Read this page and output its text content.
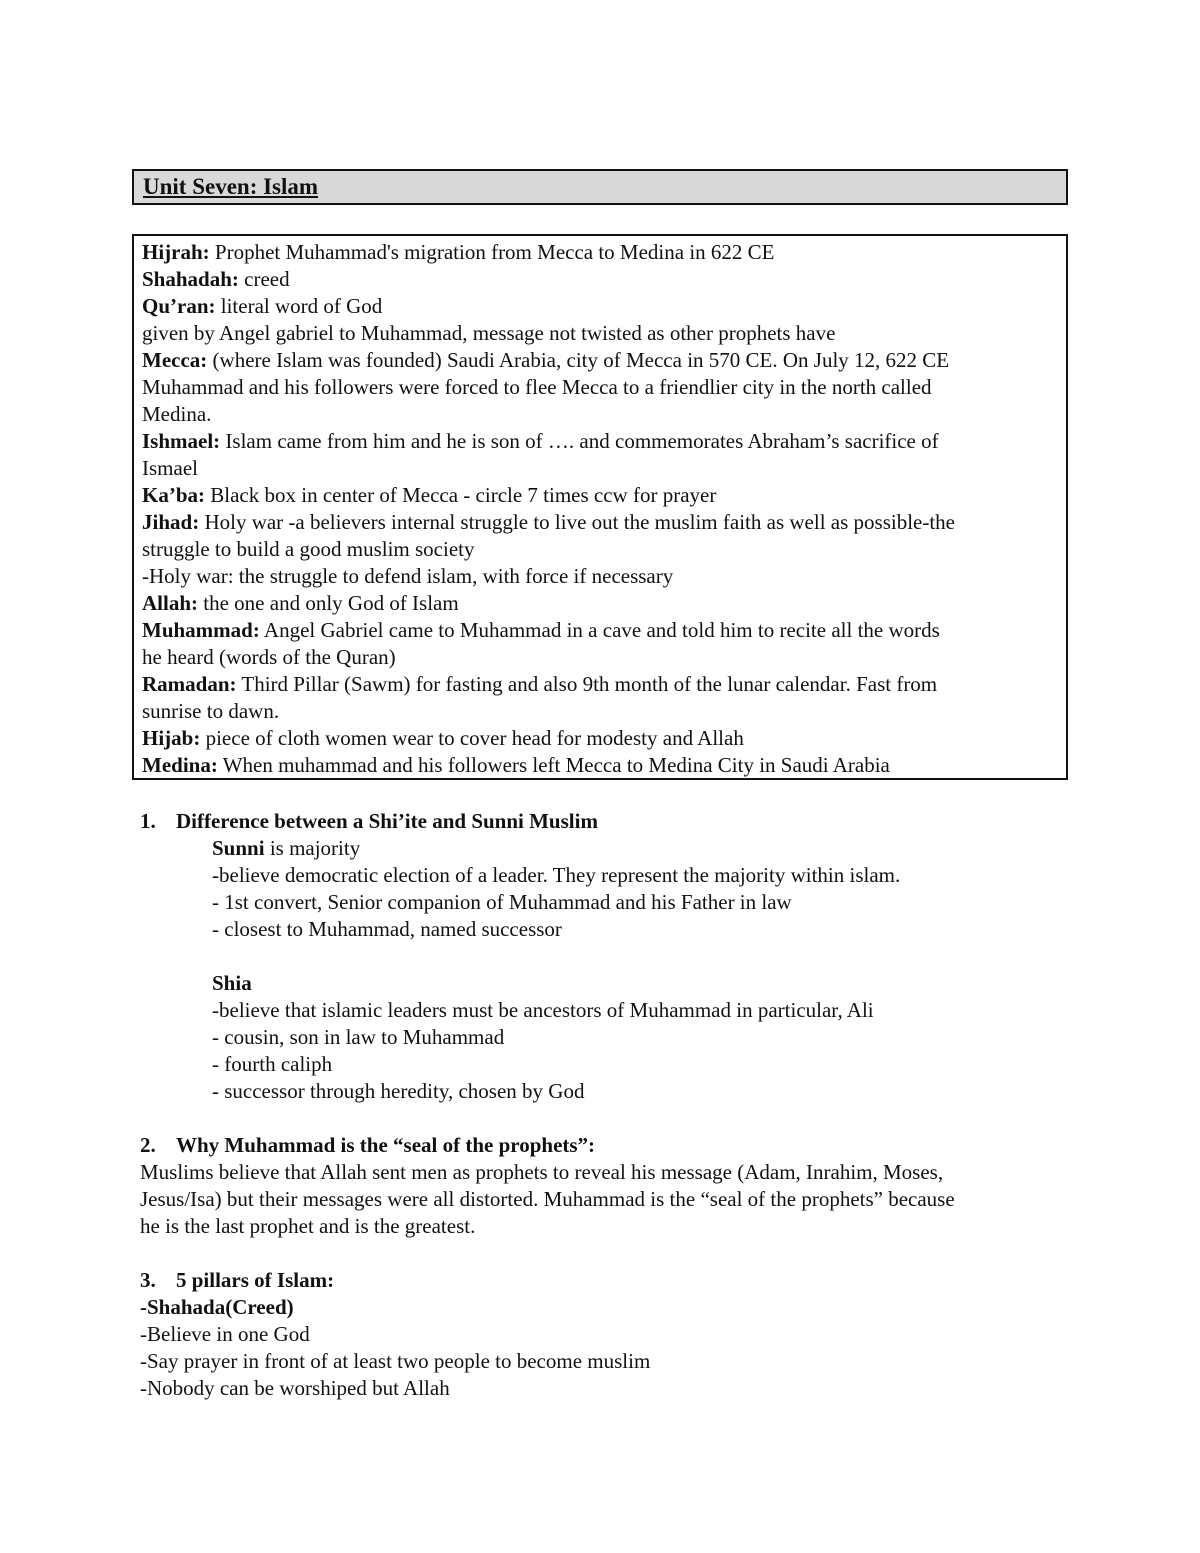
Unit Seven: Islam
Hijrah: Prophet Muhammad's migration from Mecca to Medina in 622 CE
Shahadah: creed
Qu’ran: literal word of God
given by Angel gabriel to Muhammad, message not twisted as other prophets have
Mecca: (where Islam was founded) Saudi Arabia, city of Mecca in 570 CE. On July 12, 622 CE
Muhammad and his followers were forced to flee Mecca to a friendlier city in the north called
Medina.
Ishmael: Islam came from him and he is son of …. and commemorates Abraham’s sacrifice of
Ismael
Ka’ba: Black box in center of Mecca - circle 7 times ccw for prayer
Jihad: Holy war -a believers internal struggle to live out the muslim faith as well as possible-the
struggle to build a good muslim society
-Holy war: the struggle to defend islam, with force if necessary
Allah: the one and only God of Islam
Muhammad: Angel Gabriel came to Muhammad in a cave and told him to recite all the words
he heard (words of the Quran)
Ramadan: Third Pillar (Sawm) for fasting and also 9th month of the lunar calendar. Fast from
sunrise to dawn.
Hijab: piece of cloth women wear to cover head for modesty and Allah
Medina: When muhammad and his followers left Mecca to Medina City in Saudi Arabia
1. Difference between a Shi’ite and Sunni Muslim
Sunni is majority
-believe democratic election of a leader. They represent the majority within islam.
- 1st convert, Senior companion of Muhammad and his Father in law
- closest to Muhammad, named successor
Shia
-believe that islamic leaders must be ancestors of Muhammad in particular, Ali
- cousin, son in law to Muhammad
- fourth caliph
- successor through heredity, chosen by God
2. Why Muhammad is the “seal of the prophets”:
Muslims believe that Allah sent men as prophets to reveal his message (Adam, Inrahim, Moses,
Jesus/Isa) but their messages were all distorted. Muhammad is the “seal of the prophets” because
he is the last prophet and is the greatest.
3. 5 pillars of Islam:
-Shahada(Creed)
-Believe in one God
-Say prayer in front of at least two people to become muslim
-Nobody can be worshiped but Allah
